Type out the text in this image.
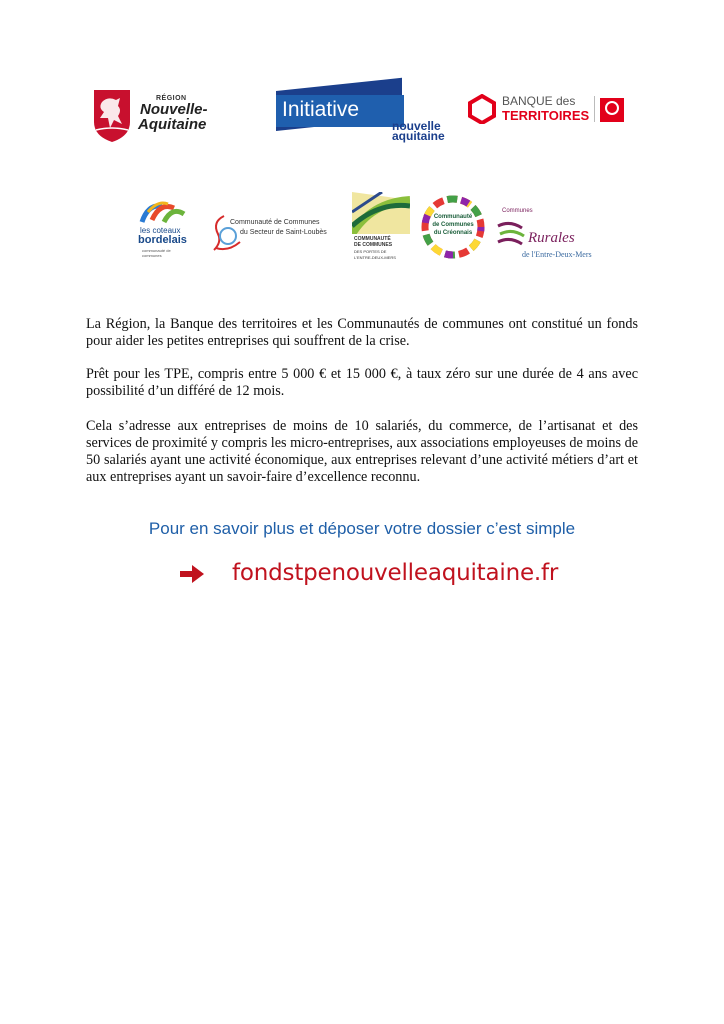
RÉGION
Nouvelle-
Aquitaine
Initiative
nouvelle
aquitaine
BANQUE des
TERRITOIRES
les coteaux
bordelais
communauté de communes
Communauté de Communes
du Secteur de Saint-Loubès
COMMUNAUTÉ
DE COMMUNES
DES PORTES DE
L'ENTRE-DEUX-MERS
Communauté
de Communes
du Créonnais
Communes
Rurales
de l'Entre-Deux-Mers

La Région, la Banque des territoires et les Communautés de communes ont constitué un fonds pour aider les petites entreprises qui souffrent de la crise.

Prêt pour les TPE, compris entre 5 000 € et 15 000 €, à taux zéro sur une durée de 4 ans avec possibilité d’un différé de 12 mois.

Cela s’adresse aux entreprises de moins de 10 salariés, du commerce, de l’artisanat et des services de proximité y compris les micro-entreprises, aux associations employeuses de moins de 50 salariés ayant une activité économique, aux entreprises relevant d’une activité métiers d’art et aux entreprises ayant un savoir-faire d’excellence reconnu.

Pour en savoir plus et déposer votre dossier c’est simple
fondstpenouvelleaquitaine.fr
